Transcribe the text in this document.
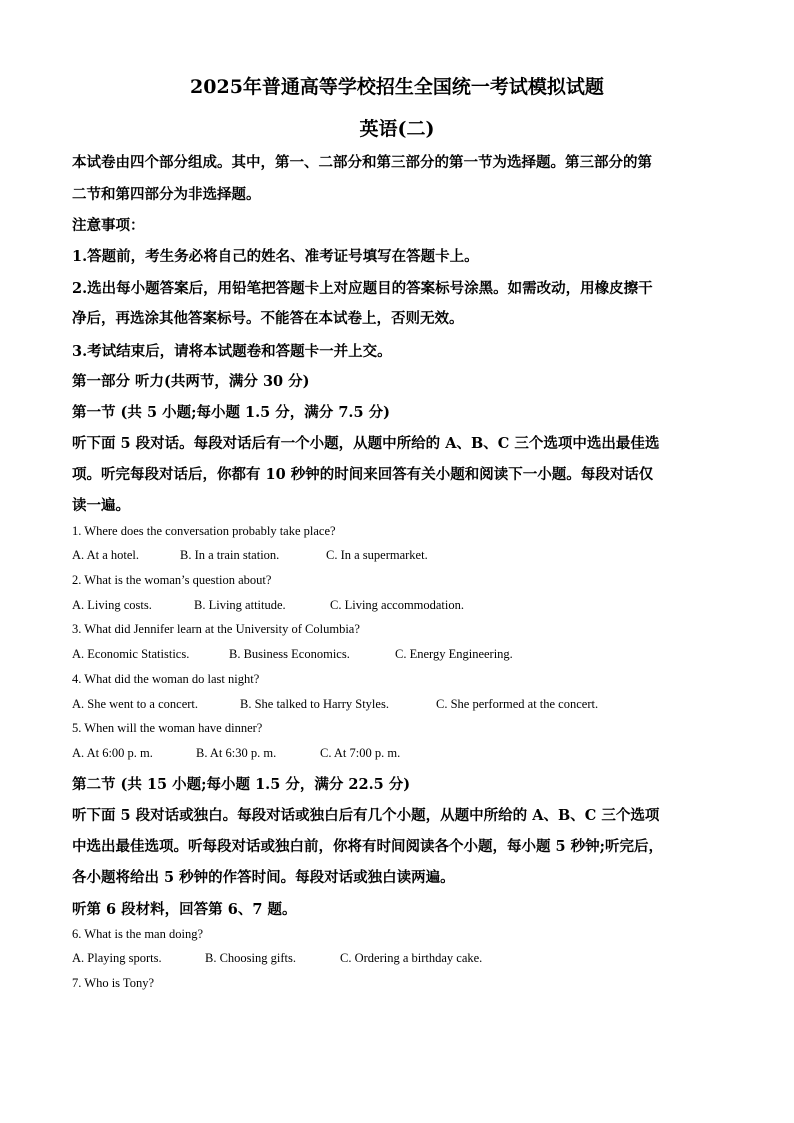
2025年普通高等学校招生全国统一考试模拟试题
英语(二)
本试卷由四个部分组成。其中，第一、二部分和第三部分的第一节为选择题。第三部分的第
二节和第四部分为非选择题。
注意事项：
1.答题前，考生务必将自己的姓名、准考证号填写在答题卡上。
2.选出每小题答案后，用铅笔把答题卡上对应题目的答案标号涂黑。如需改动，用橡皮擦干
净后，再选涂其他答案标号。不能答在本试卷上，否则无效。
3.考试结束后，请将本试题卷和答题卡一并上交。
第一部分 听力(共两节，满分 30 分)
第一节 (共 5 小题;每小题 1.5 分，满分 7.5 分)
听下面 5 段对话。每段对话后有一个小题，从题中所给的 A、B、C 三个选项中选出最佳选
项。听完每段对话后，你都有 10 秒钟的时间来回答有关小题和阅读下一小题。每段对话仅
读一遍。
1. Where does the conversation probably take place?
A. At a hotel.	B. In a train station.	C. In a supermarket.
2. What is the woman’s question about?
A. Living costs.	B. Living attitude.	C. Living accommodation.
3. What did Jennifer learn at the University of Columbia?
A. Economic Statistics.	B. Business Economics.	C. Energy Engineering.
4. What did the woman do last night?
A. She went to a concert.	B. She talked to Harry Styles.	C. She performed at the concert.
5. When will the woman have dinner?
A. At 6:00 p. m.	B. At 6:30 p. m.	C. At 7:00 p. m.
第二节 (共 15 小题;每小题 1.5 分，满分 22.5 分)
听下面 5 段对话或独白。每段对话或独白后有几个小题，从题中所给的 A、B、C 三个选项
中选出最佳选项。听每段对话或独白前，你将有时间阅读各个小题，每小题 5 秒钟;听完后，
各小题将给出 5 秒钟的作答时间。每段对话或独白读两遍。
听第 6 段材料，回答第 6、7 题。
6. What is the man doing?
A. Playing sports.	B. Choosing gifts.	C. Ordering a birthday cake.
7. Who is Tony?
